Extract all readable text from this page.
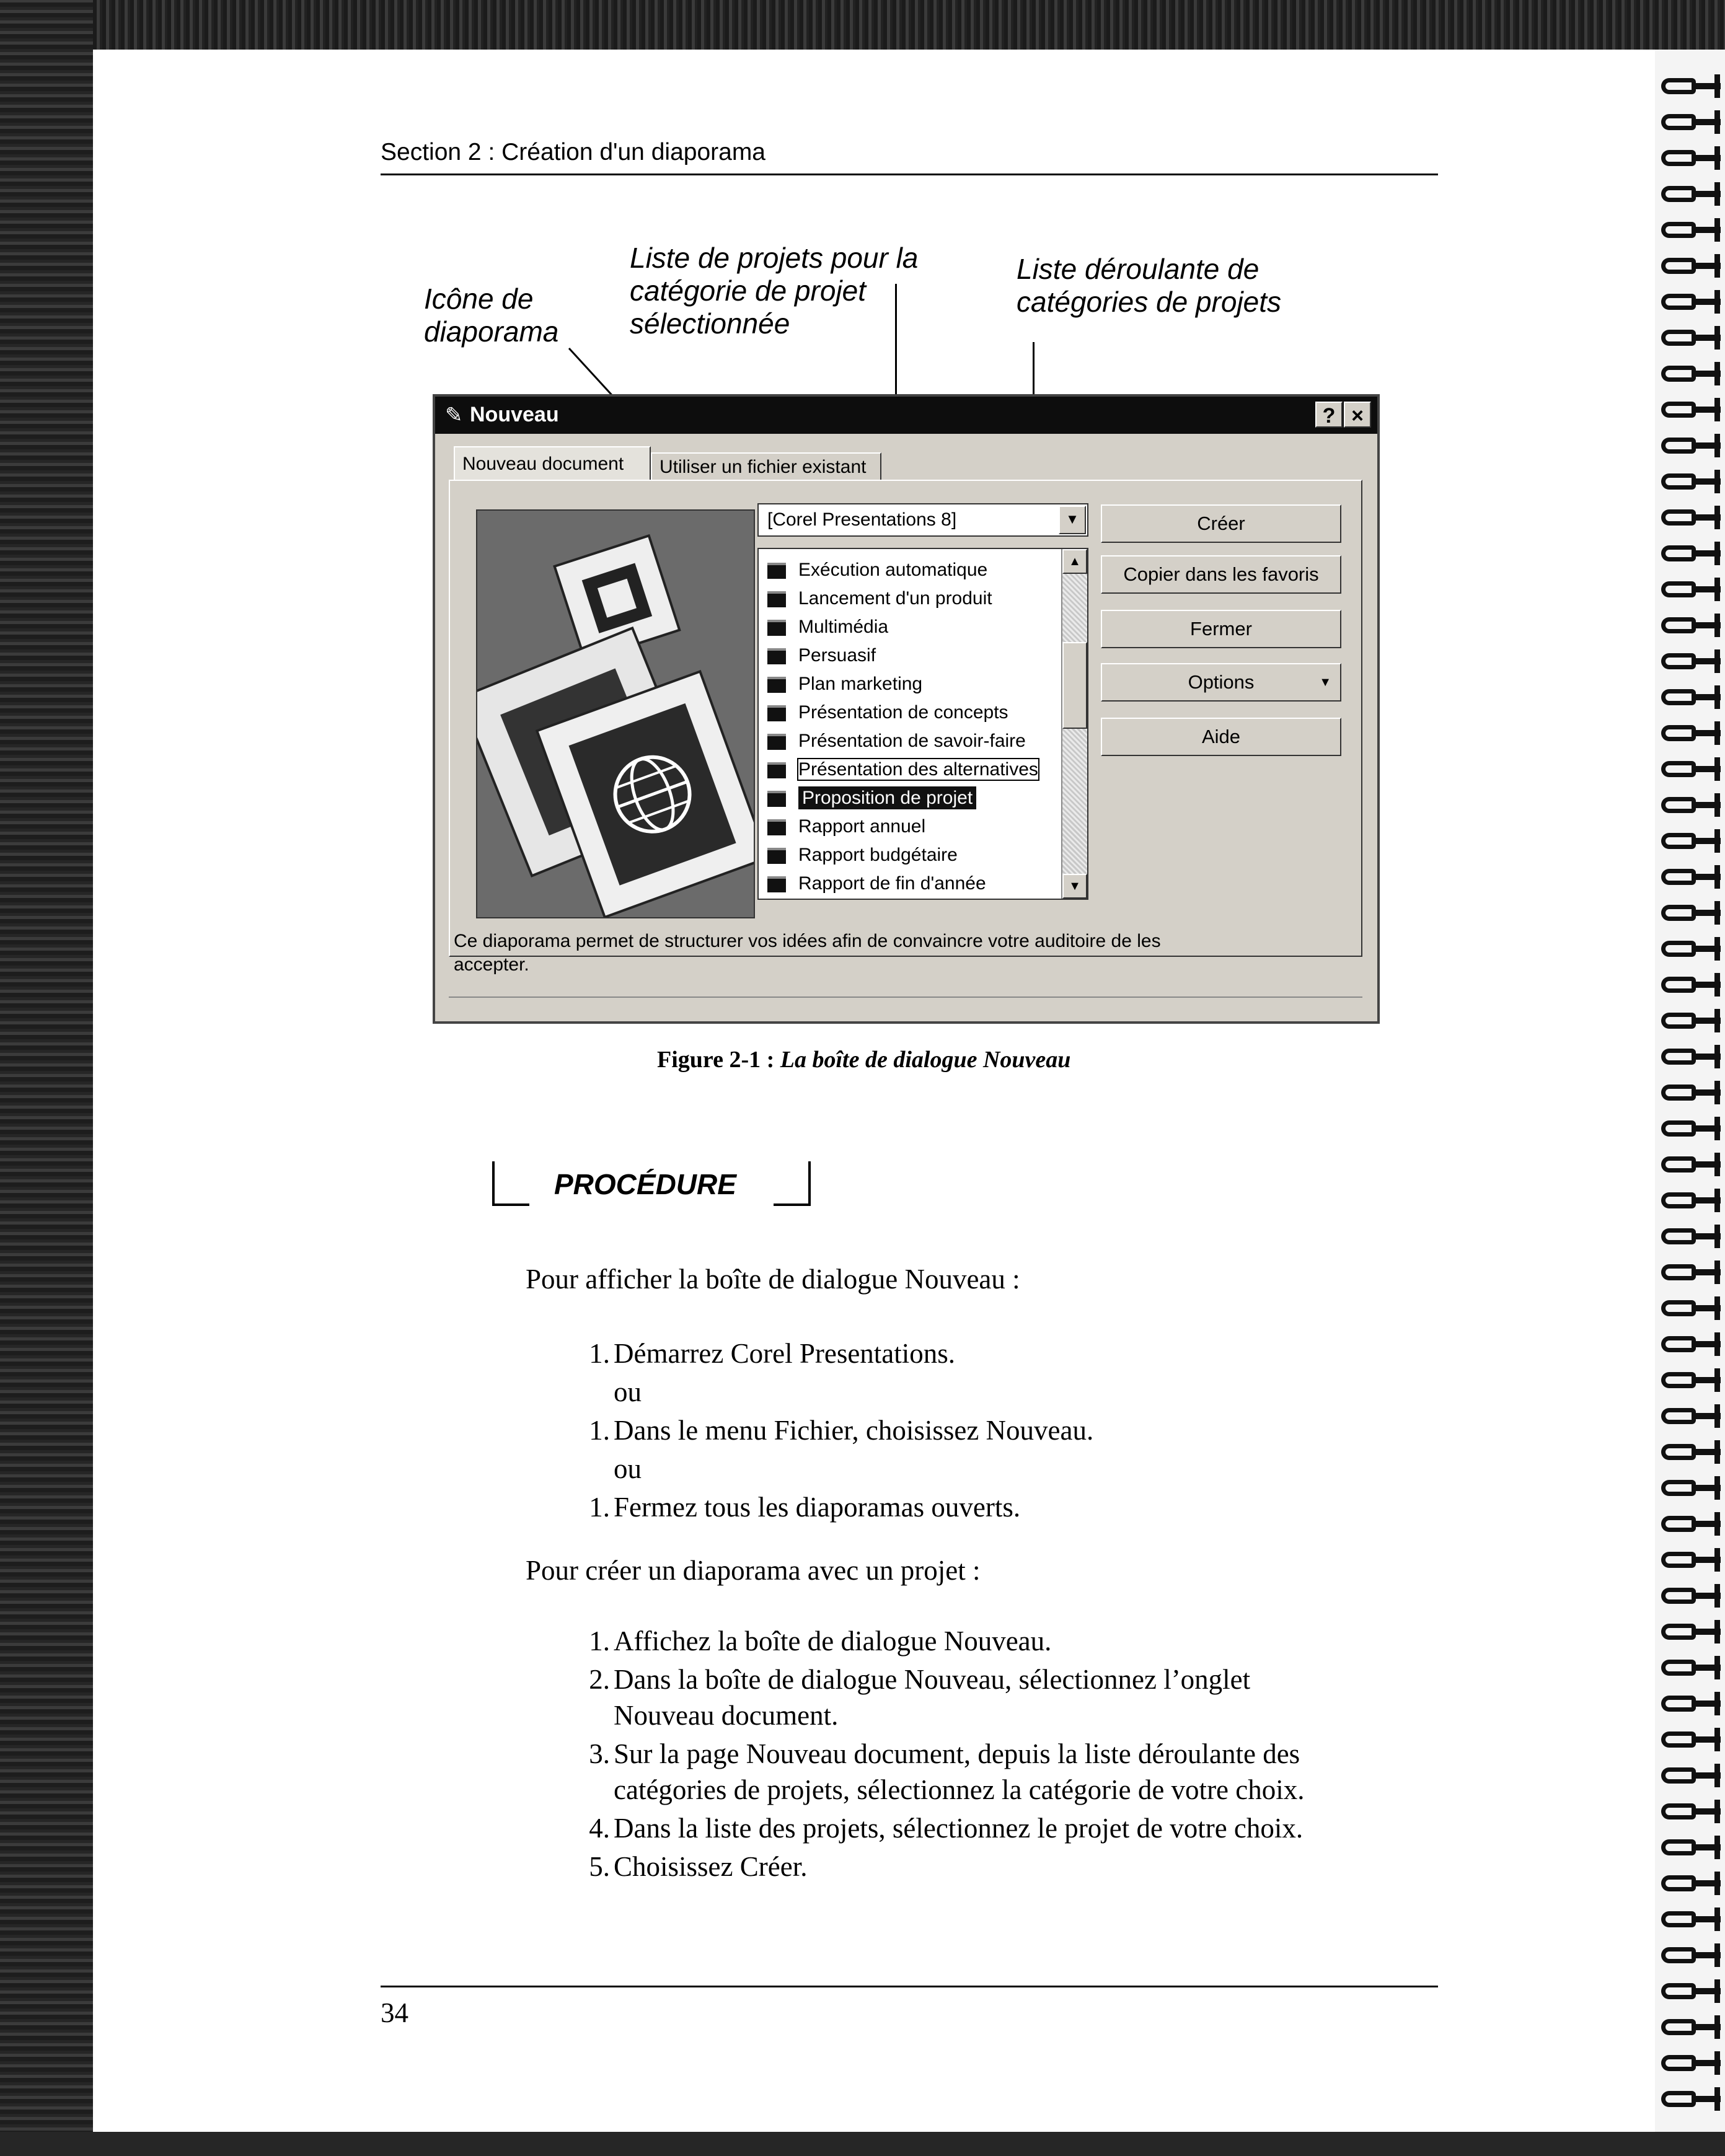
Section 2 : Création d'un diaporama
Icône de
diaporama
Liste de projets pour la
catégorie de projet
sélectionnée
Liste déroulante de
catégories de projets
✎ Nouveau	? ×
Nouveau document	Utiliser un fichier existant
[Corel Presentations 8]	▼
▲
▼
Exécution automatique
Lancement d'un produit
Multimédia
Persuasif
Plan marketing
Présentation de concepts
Présentation de savoir-faire
Présentation des alternatives
Proposition de projet
Rapport annuel
Rapport budgétaire
Rapport de fin d'année
Créer
Copier dans les favoris
Fermer
Options	▼
Aide
Ce diaporama permet de structurer vos idées afin de convaincre votre auditoire de les accepter.
Figure 2-1 : La boîte de dialogue Nouveau
PROCÉDURE
Pour afficher la boîte de dialogue Nouveau :
1. Démarrez Corel Presentations.
ou
1. Dans le menu Fichier, choisissez Nouveau.
ou
1. Fermez tous les diaporamas ouverts.
Pour créer un diaporama avec un projet :
1. Affichez la boîte de dialogue Nouveau.
2. Dans la boîte de dialogue Nouveau, sélectionnez l’onglet
Nouveau document.
3. Sur la page Nouveau document, depuis la liste déroulante des
catégories de projets, sélectionnez la catégorie de votre choix.
4. Dans la liste des projets, sélectionnez le projet de votre choix.
5. Choisissez Créer.
34
